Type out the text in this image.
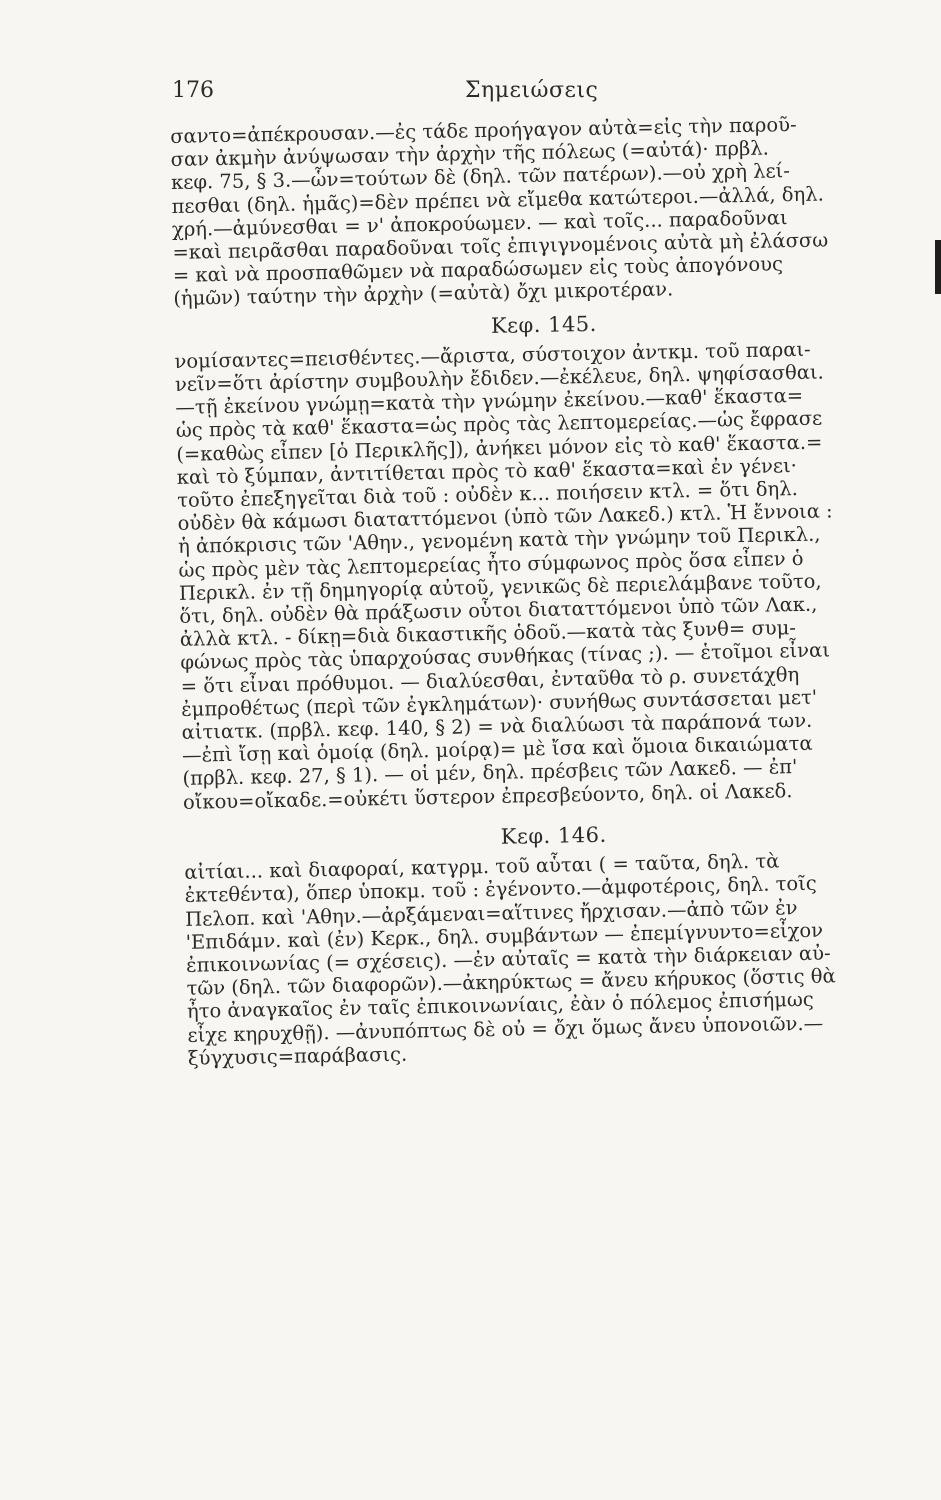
176	Σημειώσεις

σαντο=ἀπέκρουσαν.—ἐς τάδε προήγαγον αὐτὰ=εἰς τὴν παροῦ-
σαν ἀκμὴν ἀνύψωσαν τὴν ἀρχὴν τῆς πόλεως (=αὐτά)· πρβλ.
κεφ. 75, § 3.—ὧν=τούτων δὲ (δηλ. τῶν πατέρων).—οὐ χρὴ λεί-
πεσθαι (δηλ. ἡμᾶς)=δὲν πρέπει νὰ εἴμεθα κατώτεροι.—ἀλλά, δηλ.
χρή.—ἀμύνεσθαι = ν' ἀποκρούωμεν. — καὶ τοῖς... παραδοῦναι
=καὶ πειρᾶσθαι παραδοῦναι τοῖς ἐπιγιγνομένοις αὐτὰ μὴ ἐλάσσω
= καὶ νὰ προσπαθῶμεν νὰ παραδώσωμεν εἰς τοὺς ἀπογόνους
(ἡμῶν) ταύτην τὴν ἀρχὴν (=αὐτὰ) ὄχι μικροτέραν.

Κεφ. 145.

νομίσαντες=πεισθέντες.—ἄριστα, σύστοιχον ἀντκμ. τοῦ παραι-
νεῖν=ὅτι ἀρίστην συμβουλὴν ἔδιδεν.—ἐκέλευε, δηλ. ψηφίσασθαι.
—τῇ ἐκείνου γνώμῃ=κατὰ τὴν γνώμην ἐκείνου.—καθ' ἕκαστα=
ὡς πρὸς τὰ καθ' ἕκαστα=ὡς πρὸς τὰς λεπτομερείας.—ὡς ἔφρασε
(=καθὼς εἶπεν [ὁ Περικλῆς]), ἀνήκει μόνον εἰς τὸ καθ' ἕκαστα.=
καὶ τὸ ξύμπαν, ἀντιτίθεται πρὸς τὸ καθ' ἕκαστα=καὶ ἐν γένει·
τοῦτο ἐπεξηγεῖται διὰ τοῦ : οὐδὲν κ... ποιήσειν κτλ. = ὅτι δηλ.
οὐδὲν θὰ κάμωσι διαταττόμενοι (ὑπὸ τῶν Λακεδ.) κτλ. Ἡ ἔννοια :
ἡ ἀπόκρισις τῶν 'Αθην., γενομένη κατὰ τὴν γνώμην τοῦ Περικλ.,
ὡς πρὸς μὲν τὰς λεπτομερείας ἦτο σύμφωνος πρὸς ὅσα εἶπεν ὁ
Περικλ. ἐν τῇ δημηγορίᾳ αὐτοῦ, γενικῶς δὲ περιελάμβανε τοῦτο,
ὅτι, δηλ. οὐδὲν θὰ πράξωσιν οὗτοι διαταττόμενοι ὑπὸ τῶν Λακ.,
ἀλλὰ κτλ. - δίκῃ=διὰ δικαστικῆς ὁδοῦ.—κατὰ τὰς ξυνθ= συμ-
φώνως πρὸς τὰς ὑπαρχούσας συνθήκας (τίνας ;). — ἑτοῖμοι εἶναι
= ὅτι εἶναι πρόθυμοι. — διαλύεσθαι, ἐνταῦθα τὸ ρ. συνετάχθη
ἐμπροθέτως (περὶ τῶν ἐγκλημάτων)· συνήθως συντάσσεται μετ'
αἰτιατκ. (πρβλ. κεφ. 140, § 2) = νὰ διαλύωσι τὰ παράπονά των.
—ἐπὶ ἴσῃ καὶ ὁμοίᾳ (δηλ. μοίρᾳ)= μὲ ἴσα καὶ ὅμοια δικαιώματα
(πρβλ. κεφ. 27, § 1). — οἱ μέν, δηλ. πρέσβεις τῶν Λακεδ. — ἐπ'
οἴκου=οἴκαδε.=οὐκέτι ὕστερον ἐπρεσβεύοντο, δηλ. οἱ Λακεδ.

Κεφ. 146.

αἰτίαι... καὶ διαφοραί, κατγρμ. τοῦ αὗται ( = ταῦτα, δηλ. τὰ
ἐκτεθέντα), ὅπερ ὑποκμ. τοῦ : ἐγένοντο.—ἀμφοτέροις, δηλ. τοῖς
Πελοπ. καὶ 'Αθην.—ἀρξάμεναι=αἵτινες ἤρχισαν.—ἀπὸ τῶν ἐν
'Επιδάμν. καὶ (ἐν) Κερκ., δηλ. συμβάντων — ἐπεμίγνυντο=εἶχον
ἐπικοινωνίας (= σχέσεις). —ἐν αὐταῖς = κατὰ τὴν διάρκειαν αὐ-
τῶν (δηλ. τῶν διαφορῶν).—ἀκηρύκτως = ἄνευ κήρυκος (ὅστις θὰ
ἦτο ἀναγκαῖος ἐν ταῖς ἐπικοινωνίαις, ἐὰν ὁ πόλεμος ἐπισήμως
εἶχε κηρυχθῇ). —ἀνυπόπτως δὲ οὐ = ὄχι ὅμως ἄνευ ὑπονοιῶν.—
ξύγχυσις=παράβασις.
